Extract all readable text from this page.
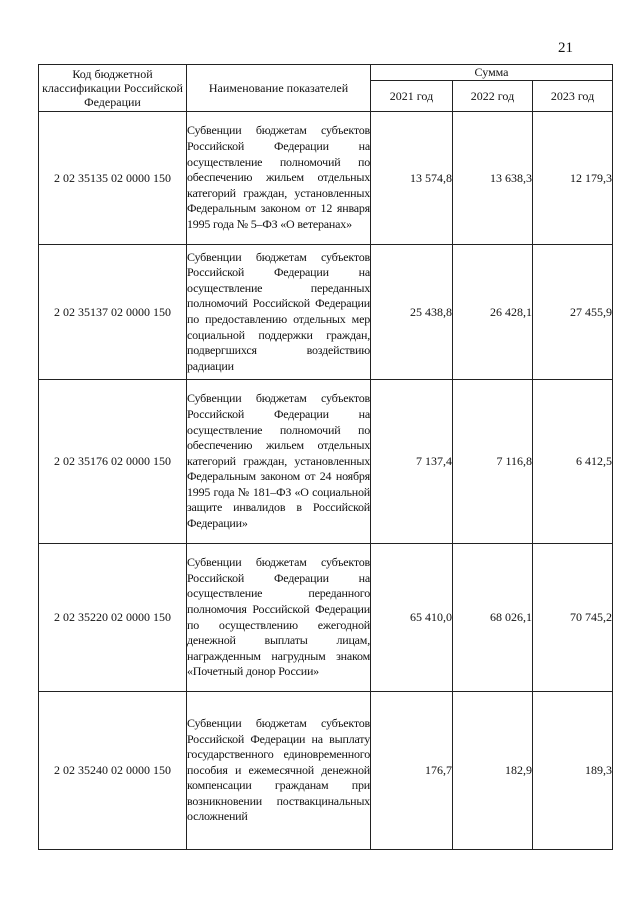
21
Код бюджетной классификации Российской Федерации	Наименование показателей	Сумма		
		2021 год	2022 год	2023 год
2 02 35135 02 0000 150	Субвенции бюджетам субъектов Российской Федерации на осуществление полномочий по обеспечению жильем отдельных категорий граждан, установленных Федеральным законом от 12 января 1995 года № 5–ФЗ «О ветеранах»	13 574,8	13 638,3	12 179,3
2 02 35137 02 0000 150	Субвенции бюджетам субъектов Российской Федерации на осуществление переданных полномочий Российской Федерации по предоставлению отдельных мер социальной поддержки граждан, подвергшихся воздействию радиации	25 438,8	26 428,1	27 455,9
2 02 35176 02 0000 150	Субвенции бюджетам субъектов Российской Федерации на осуществление полномочий по обеспечению жильем отдельных категорий граждан, установленных Федеральным законом от 24 ноября 1995 года № 181–ФЗ «О социальной защите инвалидов в Российской Федерации»	7 137,4	7 116,8	6 412,5
2 02 35220 02 0000 150	Субвенции бюджетам субъектов Российской Федерации на осуществление переданного полномочия Российской Федерации по осуществлению ежегодной денежной выплаты лицам, награжденным нагрудным знаком «Почетный донор России»	65 410,0	68 026,1	70 745,2
2 02 35240 02 0000 150	Субвенции бюджетам субъектов Российской Федерации на выплату государственного единовременного пособия и ежемесячной денежной компенсации гражданам при возникновении поствакцинальных осложнений	176,7	182,9	189,3
